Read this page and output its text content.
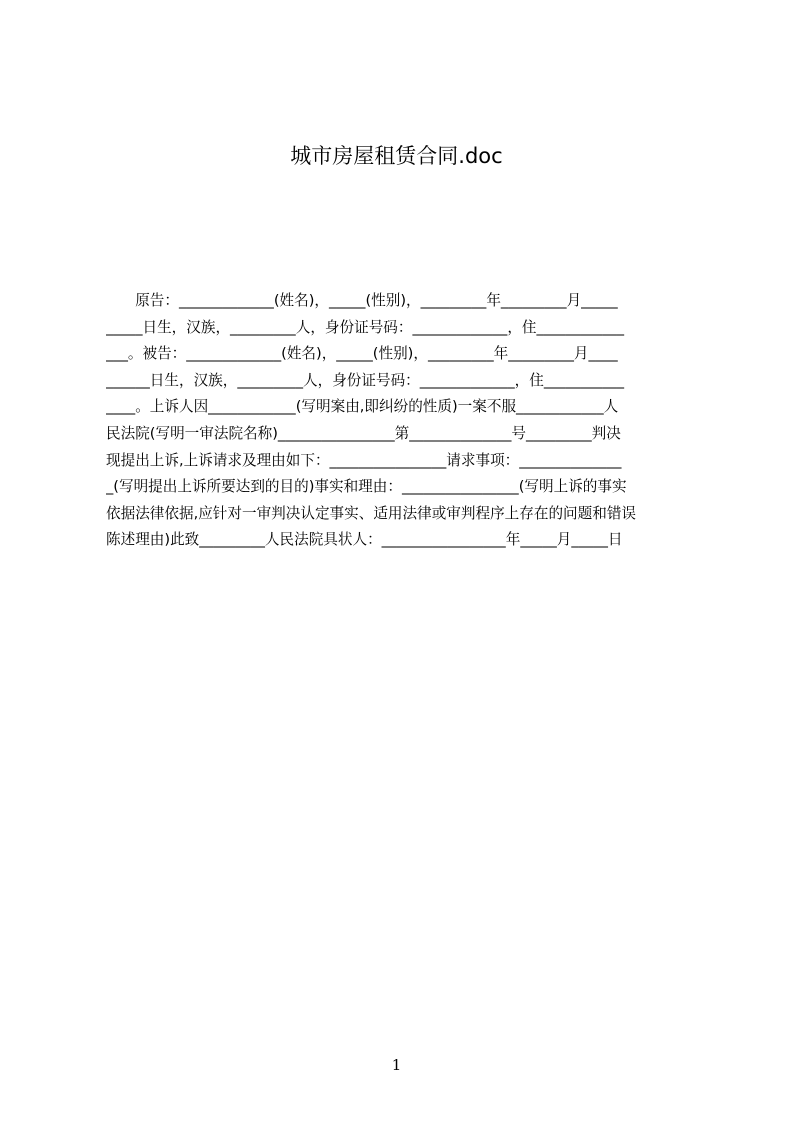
城市房屋租赁合同.doc
　　原告：_____________(姓名)，_____(性别)，_________年_________月_____
_____日生，汉族，_________人，身份证号码：_____________，住____________
___。被告：_____________(姓名)，_____(性别)，_________年_________月____
______日生，汉族，_________人，身份证号码：_____________，住___________
____。上诉人因____________(写明案由,即纠纷的性质)一案不服____________人
民法院(写明一审法院名称)________________第______________号_________判决
现提出上诉,上诉请求及理由如下：________________请求事项：______________
_(写明提出上诉所要达到的目的)事实和理由：________________(写明上诉的事实
依据法律依据,应针对一审判决认定事实、适用法律或审判程序上存在的问题和错误
陈述理由)此致_________人民法院具状人：_________________年_____月_____日
1
